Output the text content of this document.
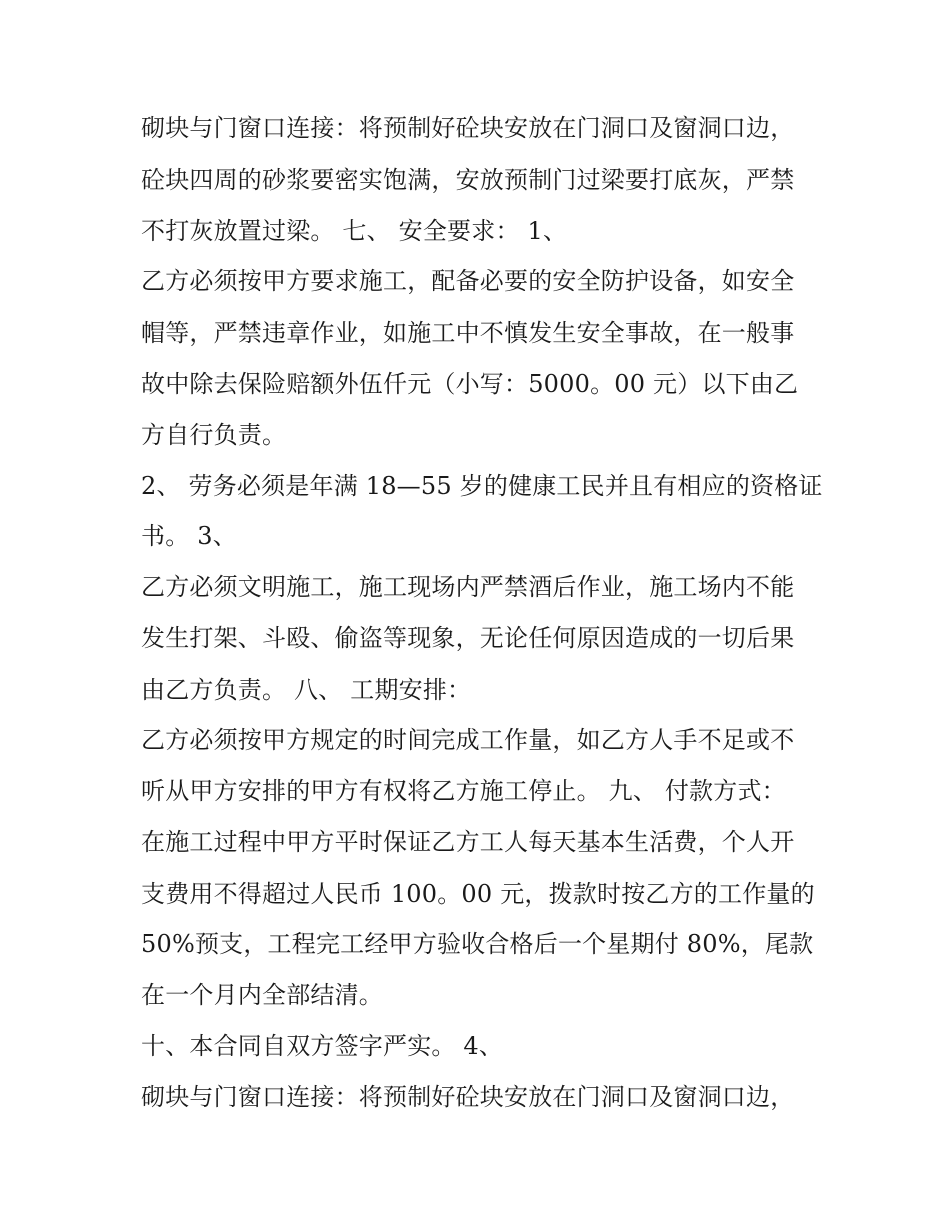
砌块与门窗口连接：将预制好砼块安放在门洞口及窗洞口边，
砼块四周的砂浆要密实饱满，安放预制门过梁要打底灰，严禁
不打灰放置过梁。 七、 安全要求： 1、
乙方必须按甲方要求施工，配备必要的安全防护设备，如安全
帽等，严禁违章作业，如施工中不慎发生安全事故，在一般事
故中除去保险赔额外伍仟元（小写：5000。00 元）以下由乙
方自行负责。
2、 劳务必须是年满 18—55 岁的健康工民并且有相应的资格证
书。 3、
乙方必须文明施工，施工现场内严禁酒后作业，施工场内不能
发生打架、斗殴、偷盗等现象，无论任何原因造成的一切后果
由乙方负责。 八、 工期安排：
乙方必须按甲方规定的时间完成工作量，如乙方人手不足或不
听从甲方安排的甲方有权将乙方施工停止。 九、 付款方式：
在施工过程中甲方平时保证乙方工人每天基本生活费，个人开
支费用不得超过人民币 100。00 元，拨款时按乙方的工作量的
50%预支，工程完工经甲方验收合格后一个星期付 80%，尾款
在一个月内全部结清。
十、本合同自双方签字严实。 4、
砌块与门窗口连接：将预制好砼块安放在门洞口及窗洞口边，
